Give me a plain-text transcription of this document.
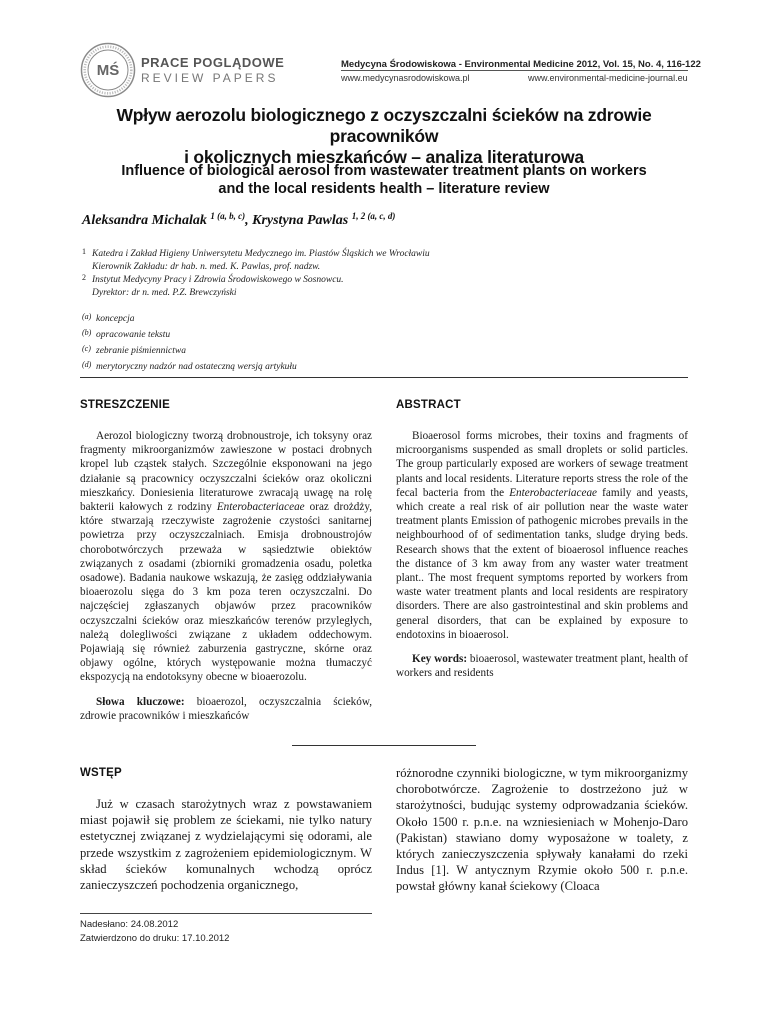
MŚ PRACE POGLĄDOWE
REVIEW PAPERS
Medycyna Środowiskowa - Environmental Medicine 2012, Vol. 15, No. 4, 116-122
www.medycynasrodowiskowa.pl	www.environmental-medicine-journal.eu
Wpływ aerozolu biologicznego z oczyszczalni ścieków na zdrowie pracowników
i okolicznych mieszkańców – analiza literaturowa
Influence of biological aerosol from wastewater treatment plants on workers
and the local residents health – literature review
Aleksandra Michalak $^{1 (a, b, c)}$, Krystyna Pawlas $^{1, 2 (a, c, d)}$
1 Katedra i Zakład Higieny Uniwersytetu Medycznego im. Piastów Śląskich we Wrocławiu
Kierownik Zakładu: dr hab. n. med. K. Pawlas, prof. nadzw.
2 Instytut Medycyny Pracy i Zdrowia Środowiskowego w Sosnowcu.
Dyrektor: dr n. med. P.Z. Brewczyński
(a) koncepcja
(b) opracowanie tekstu
(c) zebranie piśmiennictwa
(d) merytoryczny nadzór nad ostateczną wersją artykułu
STRESZCZENIE

Aerozol biologiczny tworzą drobnoustroje, ich toksyny oraz fragmenty mikroorganizmów zawieszone w postaci drobnych kropel lub cząstek stałych. Szczególnie eksponowani na jego działanie są pracownicy oczyszczalni ścieków oraz okoliczni mieszkańcy. Doniesienia literaturowe zwracają uwagę na rolę bakterii kałowych z rodziny Enterobacteriaceae oraz drożdży, które stwarzają rzeczywiste zagrożenie czystości sanitarnej powietrza przy oczyszczalniach. Emisja drobnoustrojów chorobotwórczych przeważa w sąsiedztwie obiektów związanych z osadami (zbiorniki gromadzenia osadu, poletka osadowe). Badania naukowe wskazują, że zasięg oddziaływania bioaerozolu sięga do 3 km poza teren oczyszczalni. Do najczęściej zgłaszanych objawów przez pracowników oczyszczalni ścieków oraz mieszkańców terenów przyległych, należą dolegliwości związane z układem oddechowym. Pojawiają się również zaburzenia gastryczne, skórne oraz objawy ogólne, których występowanie można tłumaczyć ekspozycją na endotoksyny obecne w bioaerozolu.

Słowa kluczowe: bioaerozol, oczyszczalnia ścieków, zdrowie pracowników i mieszkańców

ABSTRACT

Bioaerosol forms microbes, their toxins and fragments of microorganisms suspended as small droplets or solid particles. The group particularly exposed are workers of sewage treatment plants and local residents. Literature reports stress the role of the fecal bacteria from the Enterobacteriaceae family and yeasts, which create a real risk of air pollution near the waste water treatment plants Emission of pathogenic microbes prevails in the neighbourhood of of sedimentation tanks, sludge drying beds. Research shows that the extent of bioaerosol influence reaches the distance of 3 km away from any waster water treatment plant.. The most frequent symptoms reported by workers from waste water treatment plants and local residents are respiratory disorders. There are also gastrointestinal and skin problems and general disorders, that can be explained by exposure to endotoxins in bioaerosol.

Key words: bioaerosol, wastewater treatment plant, health of workers and residents

WSTĘP

Już w czasach starożytnych wraz z powstawaniem miast pojawił się problem ze ściekami, nie tylko natury estetycznej związanej z wydzielającymi się odorami, ale przede wszystkim z zagrożeniem epidemiologicznym. W skład ścieków komunalnych wchodzą oprócz zanieczyszczeń pochodzenia organicznego,

różnorodne czynniki biologiczne, w tym mikroorganizmy chorobotwórcze. Zagrożenie to dostrzeżono już w starożytności, budując systemy odprowadzania ścieków. Około 1500 r. p.n.e. na wzniesieniach w Mohenjo-Daro (Pakistan) stawiano domy wyposażone w toalety, z których zanieczyszczenia spływały kanałami do rzeki Indus [1]. W antycznym Rzymie około 500 r. p.n.e. powstał główny kanał ściekowy (Cloaca

Nadesłano: 24.08.2012
Zatwierdzono do druku: 17.10.2012
